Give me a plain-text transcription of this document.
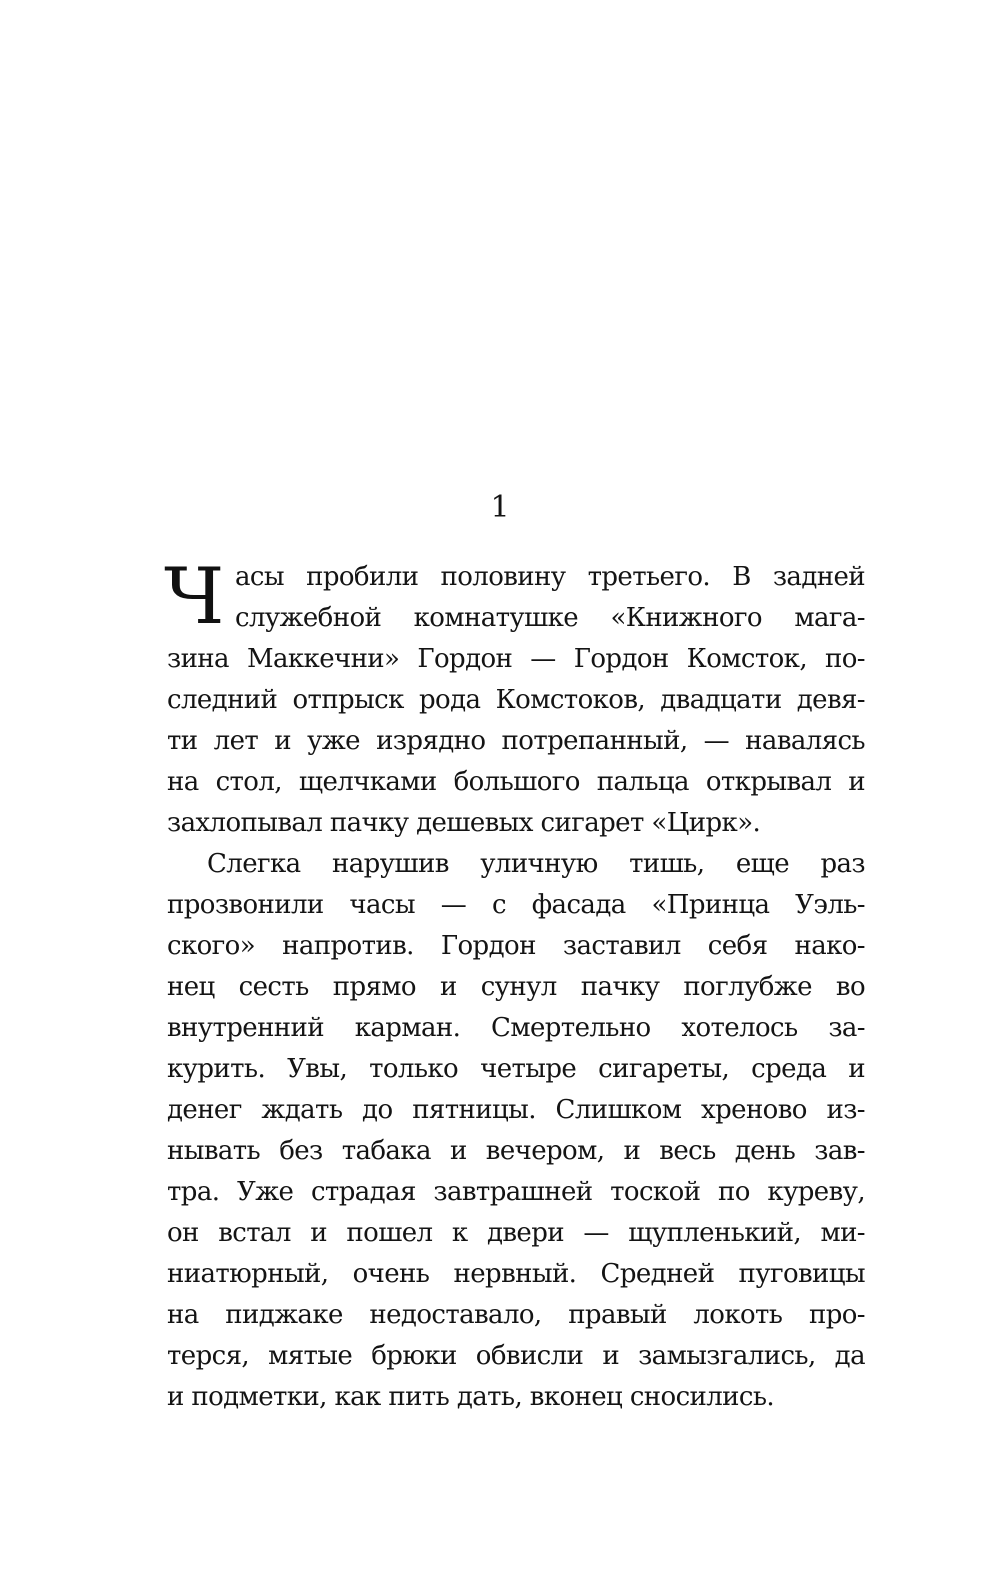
1
Ч асы пробили половину третьего. В задней
служебной комнатушке «Книжного мага-
зина Маккечни» Гордон — Гордон Комсток, по-
следний отпрыск рода Комстоков, двадцати девя-
ти лет и уже изрядно потрепанный, — навалясь
на стол, щелчками большого пальца открывал и
захлопывал пачку дешевых сигарет «Цирк».
Слегка нарушив уличную тишь, еще раз
прозвонили часы — с фасада «Принца Уэль-
ского» напротив. Гордон заставил себя нако-
нец сесть прямо и сунул пачку поглубже во
внутренний карман. Смертельно хотелось за-
курить. Увы, только четыре сигареты, среда и
денег ждать до пятницы. Слишком хреново из-
нывать без табака и вечером, и весь день зав-
тра. Уже страдая завтрашней тоской по куреву,
он встал и пошел к двери — щупленький, ми-
ниатюрный, очень нервный. Средней пуговицы
на пиджаке недоставало, правый локоть про-
терся, мятые брюки обвисли и замызгались, да
и подметки, как пить дать, вконец сносились.
